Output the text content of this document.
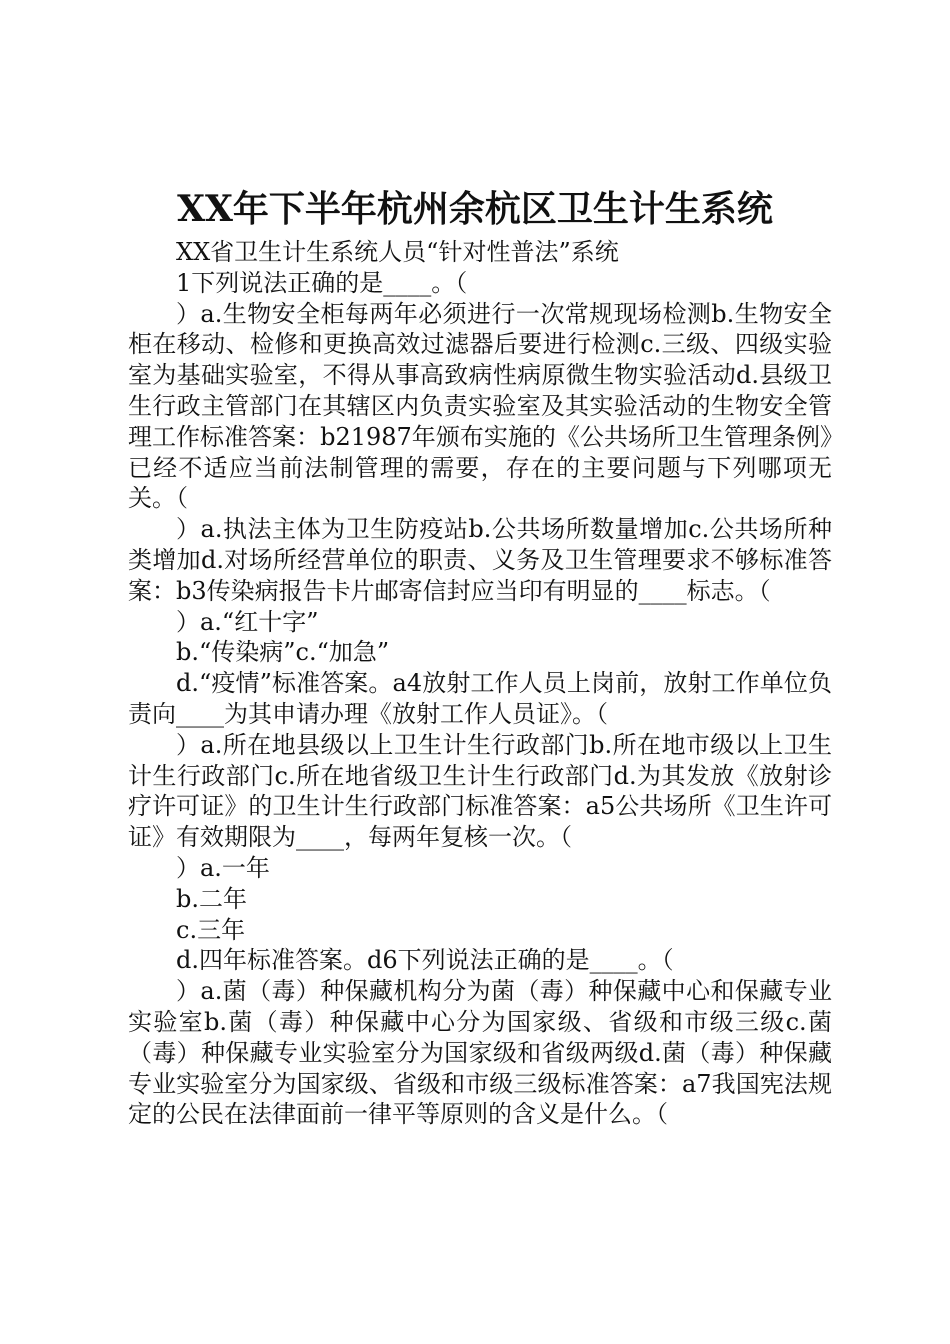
XX年下半年杭州余杭区卫生计生系统

XX省卫生计生系统人员“针对性普法”系统

1下列说法正确的是____。（

）a.生物安全柜每两年必须进行一次常规现场检测b.生物安全柜在移动、检修和更换高效过滤器后要进行检测c.三级、四级实验室为基础实验室，不得从事高致病性病原微生物实验活动d.县级卫生行政主管部门在其辖区内负责实验室及其实验活动的生物安全管理工作标准答案：b21987年颁布实施的《公共场所卫生管理条例》已经不适应当前法制管理的需要，存在的主要问题与下列哪项无关。（

）a.执法主体为卫生防疫站b.公共场所数量增加c.公共场所种类增加d.对场所经营单位的职责、义务及卫生管理要求不够标准答案：b3传染病报告卡片邮寄信封应当印有明显的____标志。（

）a.“红十字”

b.“传染病”c.“加急”

d.“疫情”标准答案。a4放射工作人员上岗前，放射工作单位负责向____为其申请办理《放射工作人员证》。（

）a.所在地县级以上卫生计生行政部门b.所在地市级以上卫生计生行政部门c.所在地省级卫生计生行政部门d.为其发放《放射诊疗许可证》的卫生计生行政部门标准答案：a5公共场所《卫生许可证》有效期限为____，每两年复核一次。（

）a.一年

b.二年

c.三年

d.四年标准答案。d6下列说法正确的是____。（

）a.菌（毒）种保藏机构分为菌（毒）种保藏中心和保藏专业实验室b.菌（毒）种保藏中心分为国家级、省级和市级三级c.菌（毒）种保藏专业实验室分为国家级和省级两级d.菌（毒）种保藏专业实验室分为国家级、省级和市级三级标准答案：a7我国宪法规定的公民在法律面前一律平等原则的含义是什么。（
